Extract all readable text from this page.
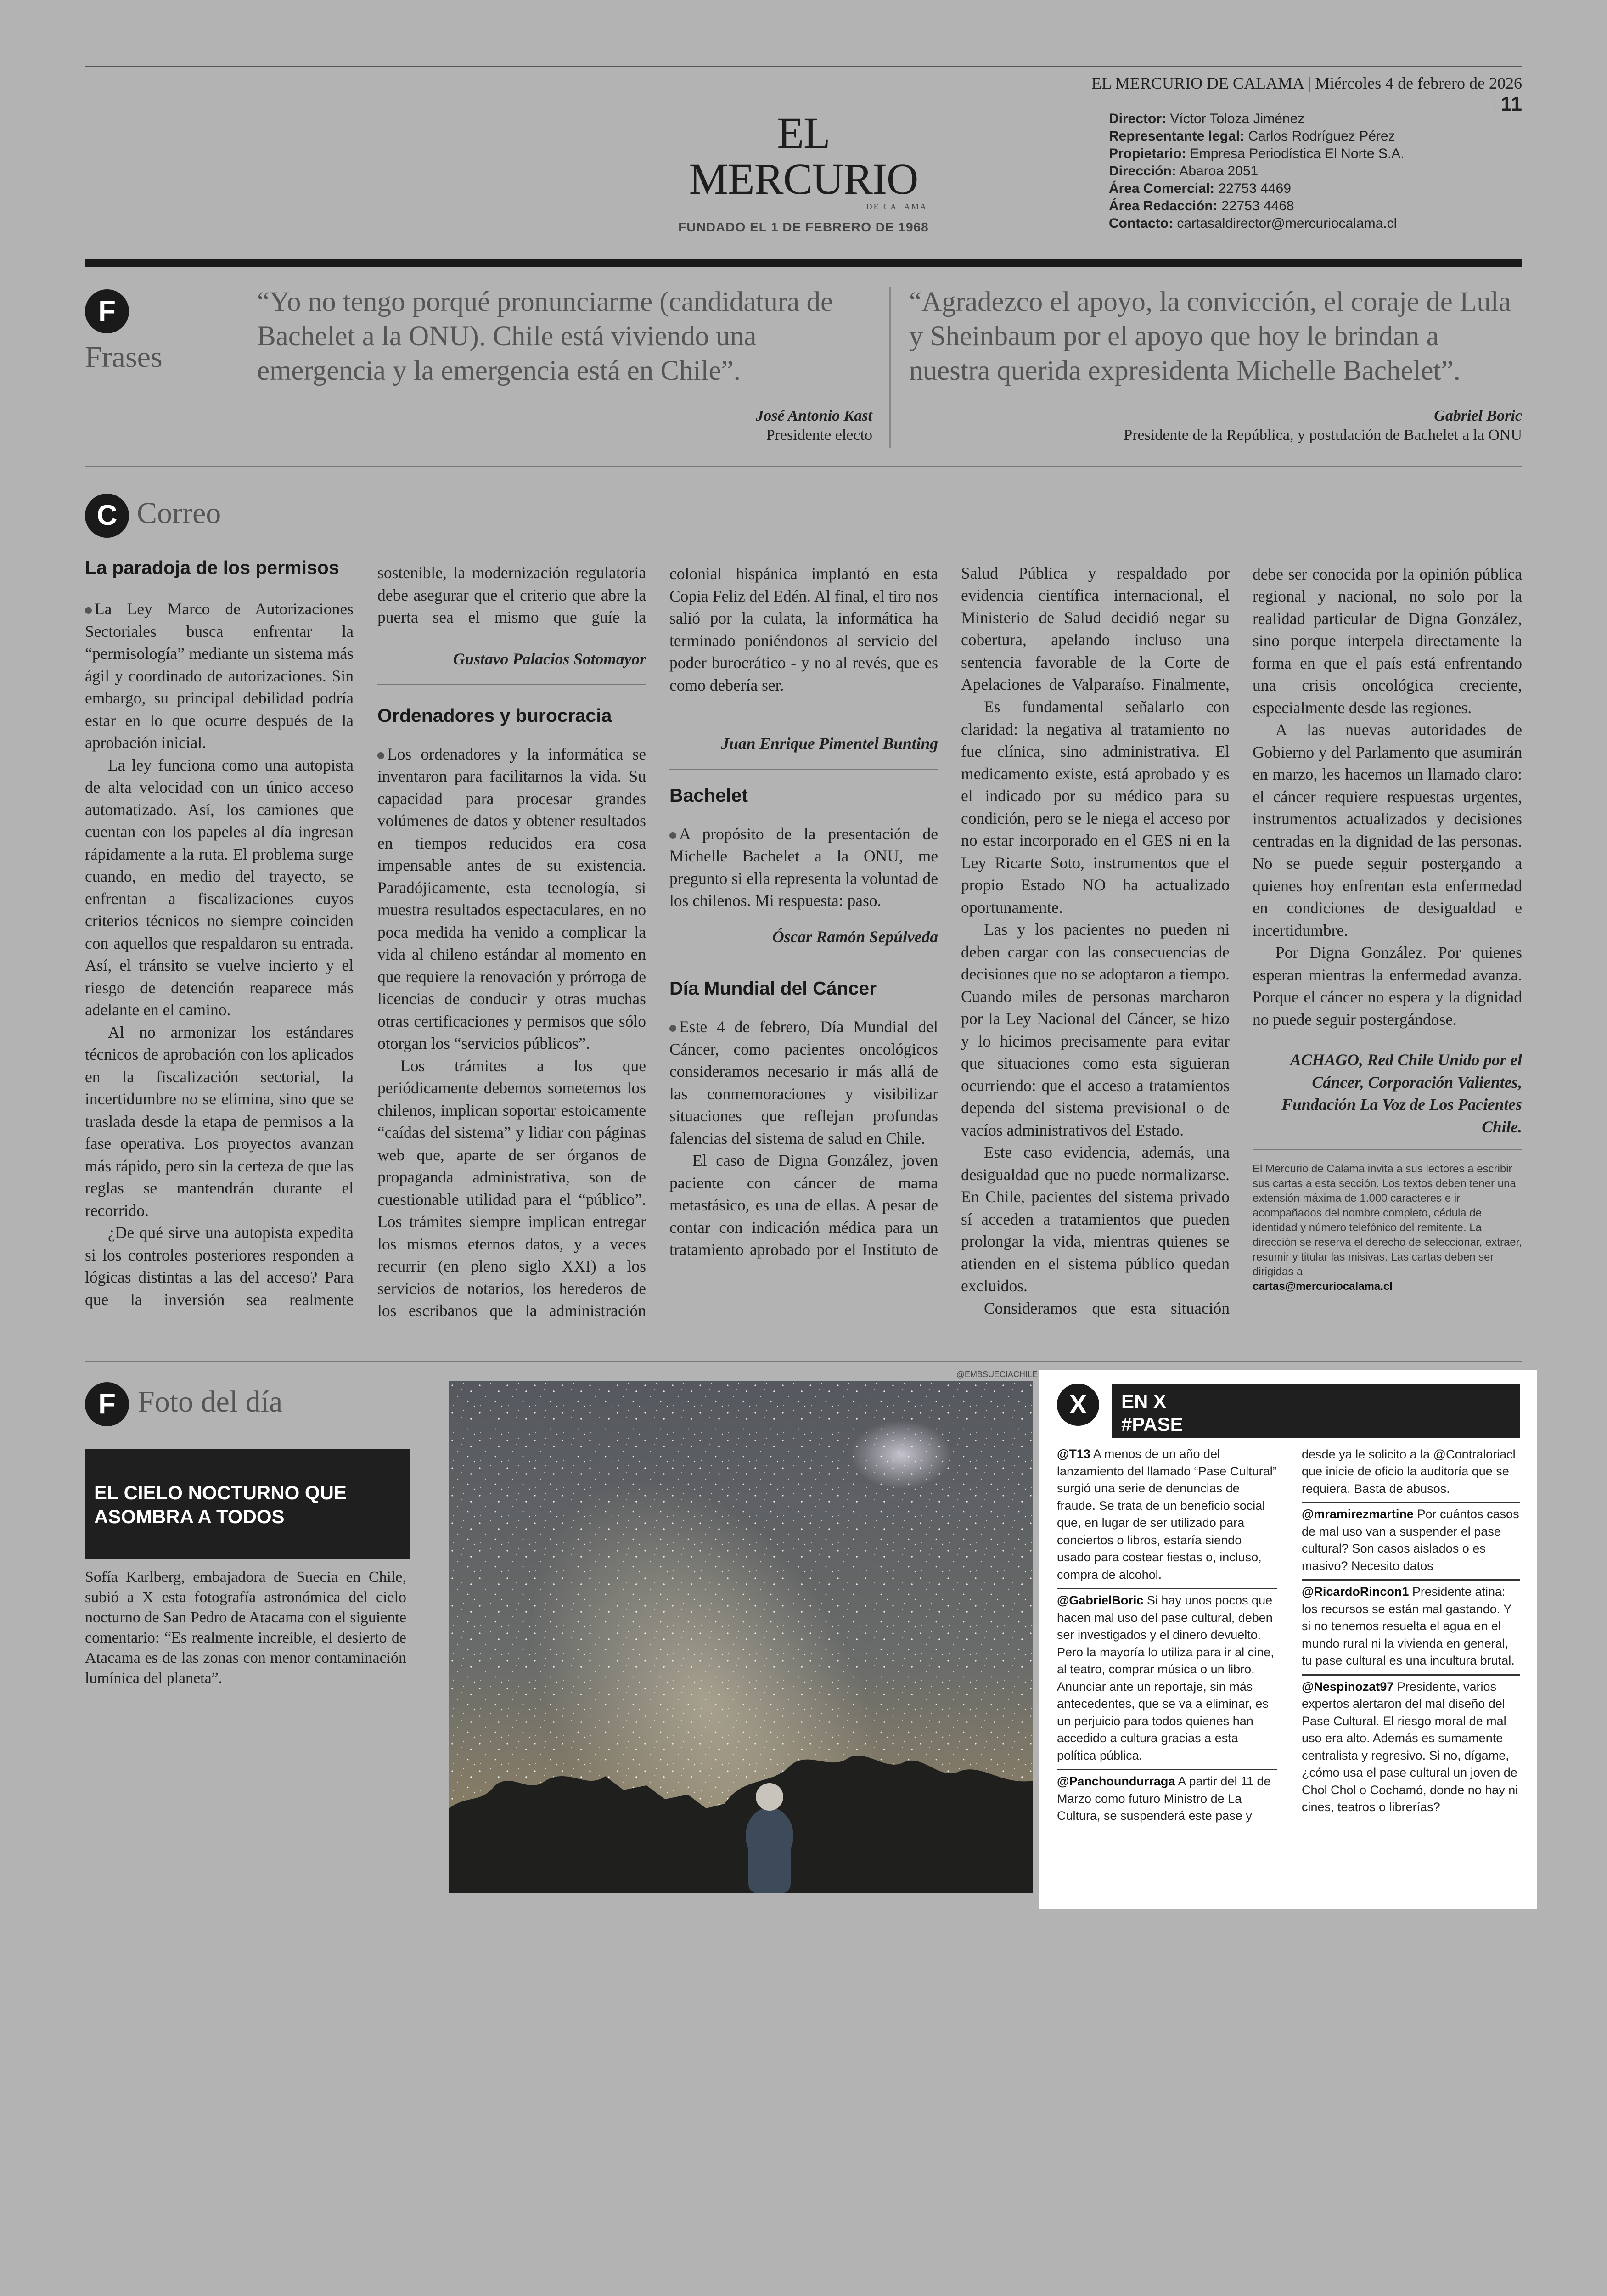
EL MERCURIO DE CALAMA | Miércoles 4 de febrero de 2026 | 11
EL MERCURIO
DE CALAMA
FUNDADO EL 1 DE FEBRERO DE 1968
Director: Víctor Toloza Jiménez
Representante legal: Carlos Rodríguez Pérez
Propietario: Empresa Periodística El Norte S.A.
Dirección: Abaroa 2051
Área Comercial: 22753 4469
Área Redacción: 22753 4468
Contacto: cartasaldirector@mercuriocalama.cl
F
Frases
“Yo no tengo porqué pronunciarme (candidatura de Bachelet a la ONU). Chile está viviendo una emergencia y la emergencia está en Chile”.
José Antonio Kast
Presidente electo
“Agradezco el apoyo, la convicción, el coraje de Lula y Sheinbaum por el apoyo que hoy le brindan a nuestra querida expresidenta Michelle Bachelet”.
Gabriel Boric
Presidente de la República, y postulación de Bachelet a la ONU
C Correo
La paradoja de los permisos

La Ley Marco de Autorizaciones Sectoriales busca enfrentar la “permisología” mediante un sistema más ágil y coordinado de autorizaciones. Sin embargo, su principal debilidad podría estar en lo que ocurre después de la aprobación inicial.

La ley funciona como una autopista de alta velocidad con un único acceso automatizado. Así, los camiones que cuentan con los papeles al día ingresan rápidamente a la ruta. El problema surge cuando, en medio del trayecto, se enfrentan a fiscalizaciones cuyos criterios técnicos no siempre coinciden con aquellos que respaldaron su entrada. Así, el tránsito se vuelve incierto y el riesgo de detención reaparece más adelante en el camino.

Al no armonizar los estándares técnicos de aprobación con los aplicados en la fiscalización sectorial, la incertidumbre no se elimina, sino que se traslada desde la etapa de permisos a la fase operativa. Los proyectos avanzan más rápido, pero sin la certeza de que las reglas se mantendrán durante el recorrido.

¿De qué sirve una autopista expedita si los controles posteriores responden a lógicas distintas a las del acceso? Para que la inversión sea realmente

sostenible, la modernización regulatoria debe asegurar que el criterio que abre la puerta sea el mismo que guíe la

Gustavo Palacios Sotomayor

Ordenadores y burocracia

Los ordenadores y la informática se inventaron para facilitarnos la vida. Su capacidad para procesar grandes volúmenes de datos y obtener resultados en tiempos reducidos era cosa impensable antes de su existencia. Paradójicamente, esta tecnología, si muestra resultados espectaculares, en no poca medida ha venido a complicar la vida al chileno estándar al momento en que requiere la renovación y prórroga de licencias de conducir y otras muchas otras certificaciones y permisos que sólo otorgan los “servicios públicos”.

Los trámites a los que periódicamente debemos sometemos los chilenos, implican soportar estoicamente “caídas del sistema” y lidiar con páginas web que, aparte de ser órganos de propaganda administrativa, son de cuestionable utilidad para el “público”. Los trámites siempre implican entregar los mismos eternos datos, y a veces recurrir (en pleno siglo XXI) a los servicios de notarios, los herederos de los escribanos que la administración

colonial hispánica implantó en esta Copia Feliz del Edén. Al final, el tiro nos salió por la culata, la informática ha terminado poniéndonos al servicio del poder burocrático - y no al revés, que es como debería ser.

Juan Enrique Pimentel Bunting

Bachelet

A propósito de la presentación de Michelle Bachelet a la ONU, me pregunto si ella representa la voluntad de los chilenos. Mi respuesta: paso.

Óscar Ramón Sepúlveda

Día Mundial del Cáncer

Este 4 de febrero, Día Mundial del Cáncer, como pacientes oncológicos consideramos necesario ir más allá de las conmemoraciones y visibilizar situaciones que reflejan profundas falencias del sistema de salud en Chile.

El caso de Digna González, joven paciente con cáncer de mama metastásico, es una de ellas. A pesar de contar con indicación médica para un tratamiento aprobado por el Instituto de

Salud Pública y respaldado por evidencia científica internacional, el Ministerio de Salud decidió negar su cobertura, apelando incluso una sentencia favorable de la Corte de Apelaciones de Valparaíso. Finalmente,

Es fundamental señalarlo con claridad: la negativa al tratamiento no fue clínica, sino administrativa. El medicamento existe, está aprobado y es el indicado por su médico para su condición, pero se le niega el acceso por no estar incorporado en el GES ni en la Ley Ricarte Soto, instrumentos que el propio Estado NO ha actualizado oportunamente.

Las y los pacientes no pueden ni deben cargar con las consecuencias de decisiones que no se adoptaron a tiempo. Cuando miles de personas marcharon por la Ley Nacional del Cáncer, se hizo y lo hicimos precisamente para evitar que situaciones como esta siguieran ocurriendo: que el acceso a tratamientos dependa del sistema previsional o de vacíos administrativos del Estado.

Este caso evidencia, además, una desigualdad que no puede normalizarse. En Chile, pacientes del sistema privado sí acceden a tratamientos que pueden prolongar la vida, mientras quienes se atienden en el sistema público quedan excluidos.

Consideramos que esta situación

debe ser conocida por la opinión pública regional y nacional, no solo por la realidad particular de Digna González, sino porque interpela directamente la forma en que el país está enfrentando una crisis oncológica creciente, especialmente desde las regiones.

A las nuevas autoridades de Gobierno y del Parlamento que asumirán en marzo, les hacemos un llamado claro: el cáncer requiere respuestas urgentes, instrumentos actualizados y decisiones centradas en la dignidad de las personas. No se puede seguir postergando a quienes hoy enfrentan esta enfermedad en condiciones de desigualdad e incertidumbre.

Por Digna González. Por quienes esperan mientras la enfermedad avanza. Porque el cáncer no espera y la dignidad no puede seguir postergándose.

ACHAGO, Red Chile Unido por el Cáncer, Corporación Valientes, Fundación La Voz de Los Pacientes Chile.

El Mercurio de Calama invita a sus lectores a escribir sus cartas a esta sección. Los textos deben tener una extensión máxima de 1.000 caracteres e ir acompañados del nombre completo, cédula de identidad y número telefónico del remitente. La dirección se reserva el derecho de seleccionar, extraer, resumir y titular las misivas. Las cartas deben ser dirigidas a
cartas@mercuriocalama.cl
F Foto del día
EL CIELO NOCTURNO QUE ASOMBRA A TODOS
Sofía Karlberg, embajadora de Suecia en Chile, subió a X esta fotografía astronómica del cielo nocturno de San Pedro de Atacama con el siguiente comentario: “Es realmente increíble, el desierto de Atacama es de las zonas con menor contaminación lumínica del planeta”.
@EMBSUECIACHILE
X	EN X
#PASE

@T13 A menos de un año del lanzamiento del llamado “Pase Cultural” surgió una serie de denuncias de fraude. Se trata de un beneficio social que, en lugar de ser utilizado para conciertos o libros, estaría siendo usado para costear fiestas o, incluso, compra de alcohol.

@GabrielBoric Si hay unos pocos que hacen mal uso del pase cultural, deben ser investigados y el dinero devuelto. Pero la mayoría lo utiliza para ir al cine, al teatro, comprar música o un libro. Anunciar ante un reportaje, sin más antecedentes, que se va a eliminar, es un perjuicio para todos quienes han accedido a cultura gracias a esta política pública.

@Panchoundurraga A partir del 11 de Marzo como futuro Ministro de La Cultura, se suspenderá este pase y

desde ya le solicito a la @Contraloriacl que inicie de oficio la auditoría que se requiera. Basta de abusos.

@mramirezmartine Por cuántos casos de mal uso van a suspender el pase cultural? Son casos aislados o es masivo? Necesito datos

@RicardoRincon1 Presidente atina: los recursos se están mal gastando. Y si no tenemos resuelta el agua en el mundo rural ni la vivienda en general, tu pase cultural es una incultura brutal.

@Nespinozat97 Presidente, varios expertos alertaron del mal diseño del Pase Cultural. El riesgo moral de mal uso era alto. Además es sumamente centralista y regresivo. Si no, dígame, ¿cómo usa el pase cultural un joven de Chol Chol o Cochamó, donde no hay ni cines, teatros o librerías?
